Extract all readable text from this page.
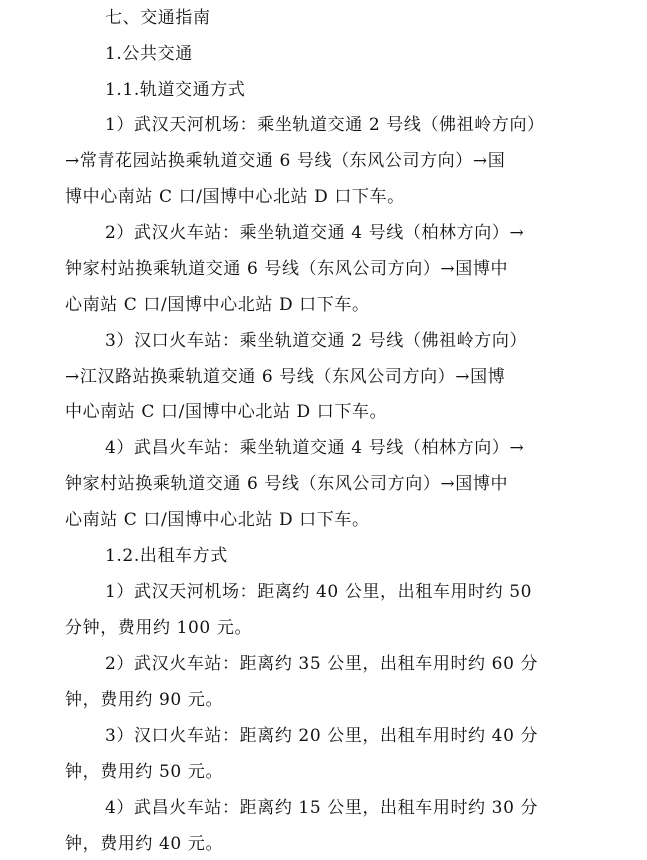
七、交通指南
1.公共交通
1.1.轨道交通方式
1）武汉天河机场：乘坐轨道交通 2 号线（佛祖岭方向）
→常青花园站换乘轨道交通 6 号线（东风公司方向）→国
博中心南站 C 口/国博中心北站 D 口下车。
2）武汉火车站：乘坐轨道交通 4 号线（柏林方向）→
钟家村站换乘轨道交通 6 号线（东风公司方向）→国博中
心南站 C 口/国博中心北站 D 口下车。
3）汉口火车站：乘坐轨道交通 2 号线（佛祖岭方向）
→江汉路站换乘轨道交通 6 号线（东风公司方向）→国博
中心南站 C 口/国博中心北站 D 口下车。
4）武昌火车站：乘坐轨道交通 4 号线（柏林方向）→
钟家村站换乘轨道交通 6 号线（东风公司方向）→国博中
心南站 C 口/国博中心北站 D 口下车。
1.2.出租车方式
1）武汉天河机场：距离约 40 公里，出租车用时约 50
分钟，费用约 100 元。
2）武汉火车站：距离约 35 公里，出租车用时约 60 分
钟，费用约 90 元。
3）汉口火车站：距离约 20 公里，出租车用时约 40 分
钟，费用约 50 元。
4）武昌火车站：距离约 15 公里，出租车用时约 30 分
钟，费用约 40 元。
